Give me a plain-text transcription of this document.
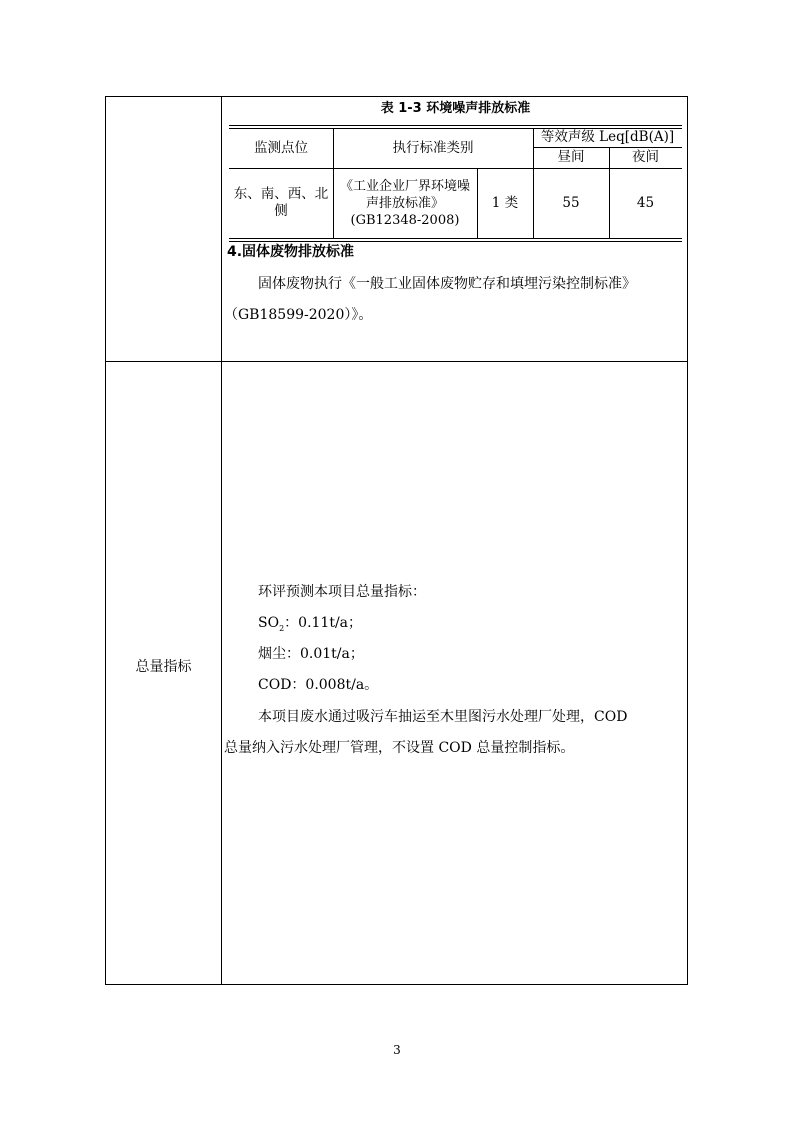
表 1-3 环境噪声排放标准
监测点位	执行标准类别
等效声级 Leq[dB(A)]
昼间	夜间
东、南、西、北侧
《工业企业厂界环境噪声排放标准》(GB12348-2008)
1 类	55	45
4.固体废物排放标准
固体废物执行《一般工业固体废物贮存和填埋污染控制标准》
（GB18599-2020）》。
总量指标
环评预测本项目总量指标：
$SO_2$：0.11t/a；
烟尘：0.01t/a；
COD：0.008t/a。
本项目废水通过吸污车抽运至木里图污水处理厂处理，COD
总量纳入污水处理厂管理，不设置 COD 总量控制指标。
3
